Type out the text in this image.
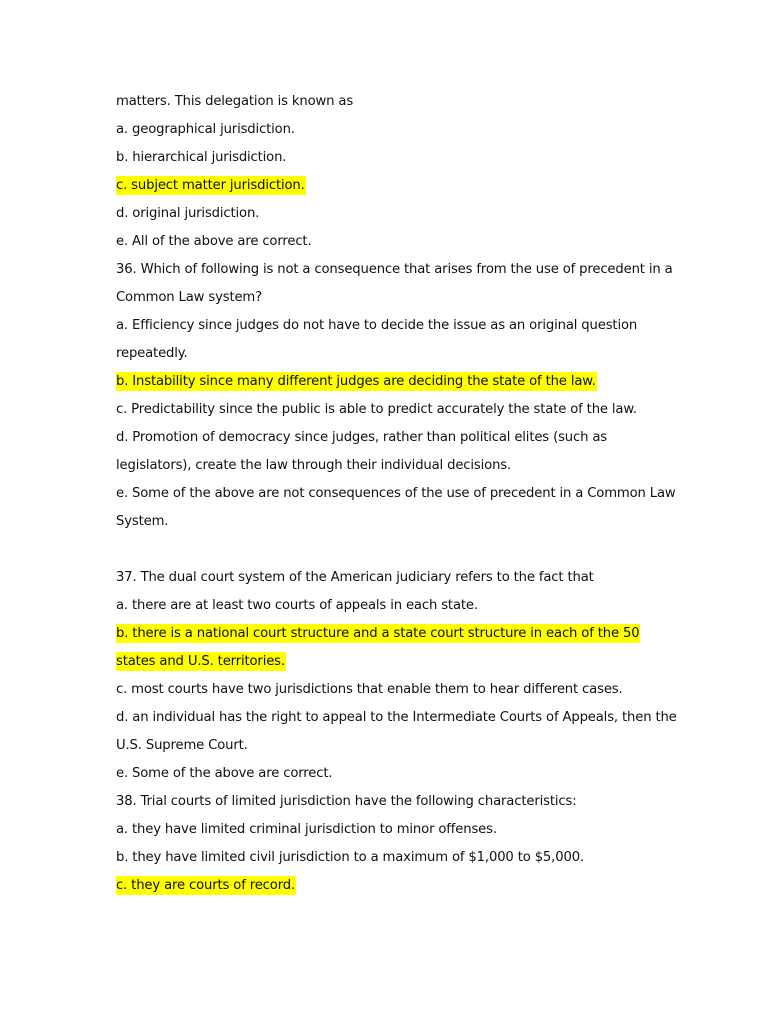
matters. This delegation is known as
a. geographical jurisdiction.
b. hierarchical jurisdiction.
c. subject matter jurisdiction.
d. original jurisdiction.
e. All of the above are correct.
36. Which of following is not a consequence that arises from the use of precedent in a
Common Law system?
a. Efficiency since judges do not have to decide the issue as an original question
repeatedly.
b. Instability since many different judges are deciding the state of the law.
c. Predictability since the public is able to predict accurately the state of the law.
d. Promotion of democracy since judges, rather than political elites (such as
legislators), create the law through their individual decisions.
e. Some of the above are not consequences of the use of precedent in a Common Law
System.
37. The dual court system of the American judiciary refers to the fact that
a. there are at least two courts of appeals in each state.
b. there is a national court structure and a state court structure in each of the 50
states and U.S. territories.
c. most courts have two jurisdictions that enable them to hear different cases.
d. an individual has the right to appeal to the Intermediate Courts of Appeals, then the
U.S. Supreme Court.
e. Some of the above are correct.
38. Trial courts of limited jurisdiction have the following characteristics:
a. they have limited criminal jurisdiction to minor offenses.
b. they have limited civil jurisdiction to a maximum of $1,000 to $5,000.
c. they are courts of record.
